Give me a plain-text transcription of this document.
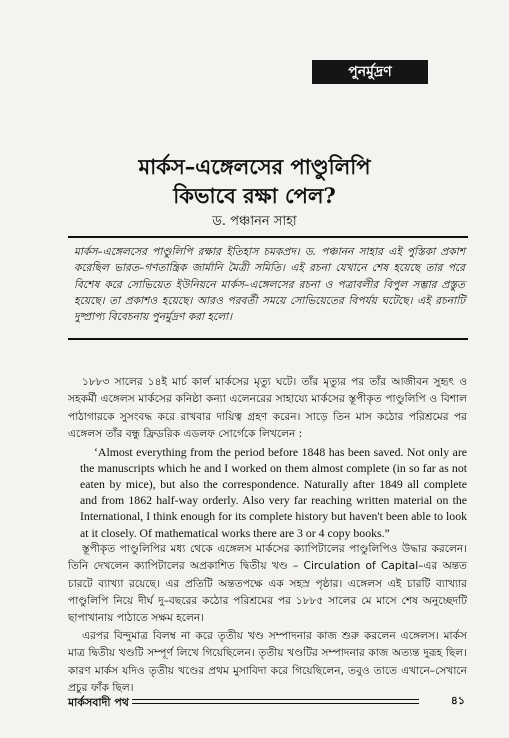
পুনর্মুদ্রণ
মার্কস–এঙ্গেলসের পাণ্ডুলিপি
কিভাবে রক্ষা পেল?
ড. পঞ্চানন সাহা
মার্কস–এঙ্গেলসের পাণ্ডুলিপি রক্ষার ইতিহাস চমকপ্রদ। ড. পঞ্চানন সাহার এই পুস্তিকা প্রকাশ করেছিল ভারত–গণতান্ত্রিক জার্মানি মৈত্রী সমিতি। এই রচনা যেখানে শেষ হয়েছে তার পরে বিশেষ করে সোভিয়েত ইউনিয়নে মার্কস–এঙ্গেলসের রচনা ও পত্রাবলীর বিপুল সম্ভার প্রস্তুত হয়েছে। তা প্রকাশও হয়েছে। আরও পরবর্তী সময়ে সোভিয়েতের বিপর্যয় ঘটেছে। এই রচনাটি দুষ্প্রাপ্য বিবেচনায় পুনর্মুদ্রণ করা হলো।

১৮৮৩ সালের ১৪ই মার্চ কার্ল মার্কসের মৃত্যু ঘটে। তাঁর মৃত্যুর পর তাঁর আজীবন সুহৃৎ ও সহকর্মী এঙ্গেলস মার্কসের কনিষ্ঠা কন্যা এলেনরের সাহায্যে মার্কসের স্তূপীকৃত পাণ্ডুলিপি ও বিশাল পাঠাগারকে সুসংবদ্ধ করে রাখবার দায়িত্ব গ্রহণ করেন। সাড়ে তিন মাস কঠোর পরিশ্রমের পর এঙ্গেলস তাঁর বন্ধু ফ্রিডরিক এডলফ সোর্গেকে লিখলেন :

‘Almost everything from the period before 1848 has been saved. Not only are the manuscripts which he and I worked on them almost complete (in so far as not eaten by mice), but also the correspondence. Naturally after 1849 all complete and from 1862 half-way orderly. Also very far reaching written material on the International, I think enough for its complete history but haven't been able to look at it closely. Of mathematical works there are 3 or 4 copy books.”

স্তূপীকৃত পাণ্ডুলিপির মধ্য থেকে এঙ্গেলস মার্কসের ক্যাপিটালের পাণ্ডুলিপিও উদ্ধার করলেন। তিনি দেখলেন ক্যাপিটালের অপ্রকাশিত দ্বিতীয় খণ্ড – Circulation of Capital–এর অন্তত চারটে ব্যাখ্যা রয়েছে। এর প্রতিটি অন্ততপক্ষে এক সহস্র পৃষ্ঠার। এঙ্গেলস এই চারটি ব্যাখ্যার পাণ্ডুলিপি নিয়ে দীর্ঘ দু–বছরের কঠোর পরিশ্রমের পর ১৮৮৫ সালের মে মাসে শেষ অনুচ্ছেদটি ছাপাখানায় পাঠাতে সক্ষম হলেন।

এরপর বিন্দুমাত্র বিলম্ব না করে তৃতীয় খণ্ড সম্পাদনার কাজ শুরু করলেন এঙ্গেলস। মার্কস মাত্র দ্বিতীয় খণ্ডটি সম্পূর্ণ লিখে গিয়েছিলেন। তৃতীয় খণ্ডটির সম্পাদনার কাজ অত্যন্ত দুরূহ ছিল। কারণ মার্কস যদিও তৃতীয় খণ্ডের প্রথম মুসাবিদা করে গিয়েছিলেন, তবুও তাতে এখানে–সেখানে প্রচুর ফাঁক ছিল।

মার্কসবাদী পথ	৪১
